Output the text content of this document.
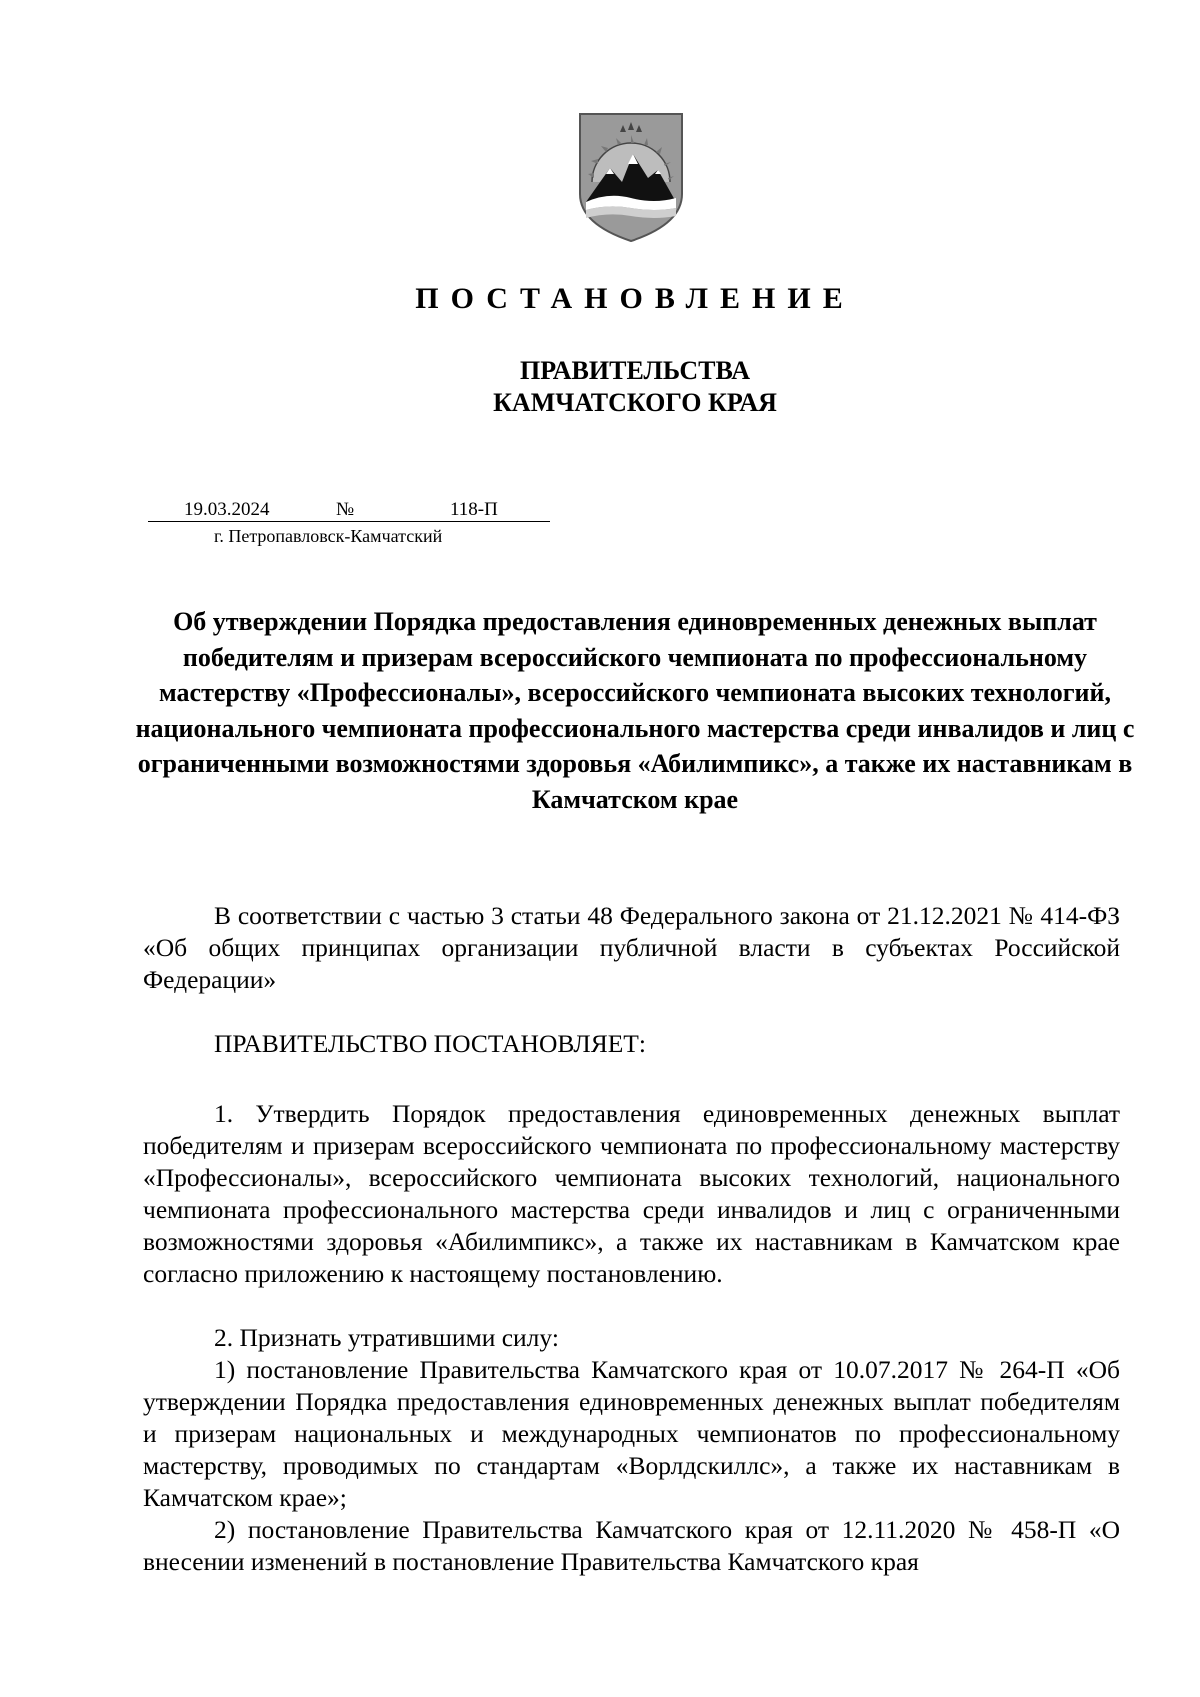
ПОСТАНОВЛЕНИЕ
ПРАВИТЕЛЬСТВА
КАМЧАТСКОГО КРАЯ
19.03.2024	№	118-П
г. Петропавловск-Камчатский

Об утверждении Порядка предоставления единовременных денежных выплат победителям и призерам всероссийского чемпионата по профессиональному мастерству «Профессионалы», всероссийского чемпионата высоких технологий, национального чемпионата профессионального мастерства среди инвалидов и лиц с ограниченными возможностями здоровья «Абилимпикс», а также их наставникам в Камчатском крае

В соответствии с частью 3 статьи 48 Федерального закона от 21.12.2021 № 414-ФЗ «Об общих принципах организации публичной власти в субъектах Российской Федерации»

ПРАВИТЕЛЬСТВО ПОСТАНОВЛЯЕТ:

1. Утвердить Порядок предоставления единовременных денежных выплат победителям и призерам всероссийского чемпионата по профессиональному мастерству «Профессионалы», всероссийского чемпионата высоких технологий, национального чемпионата профессионального мастерства среди инвалидов и лиц с ограниченными возможностями здоровья «Абилимпикс», а также их наставникам в Камчатском крае согласно приложению к настоящему постановлению.

2. Признать утратившими силу:

1) постановление Правительства Камчатского края от 10.07.2017 № 264-П «Об утверждении Порядка предоставления единовременных денежных выплат победителям и призерам национальных и международных чемпионатов по профессиональному мастерству, проводимых по стандартам «Ворлдскиллс», а также их наставникам в Камчатском крае»;

2) постановление Правительства Камчатского края от 12.11.2020 № 458-П «О внесении изменений в постановление Правительства Камчатского края
